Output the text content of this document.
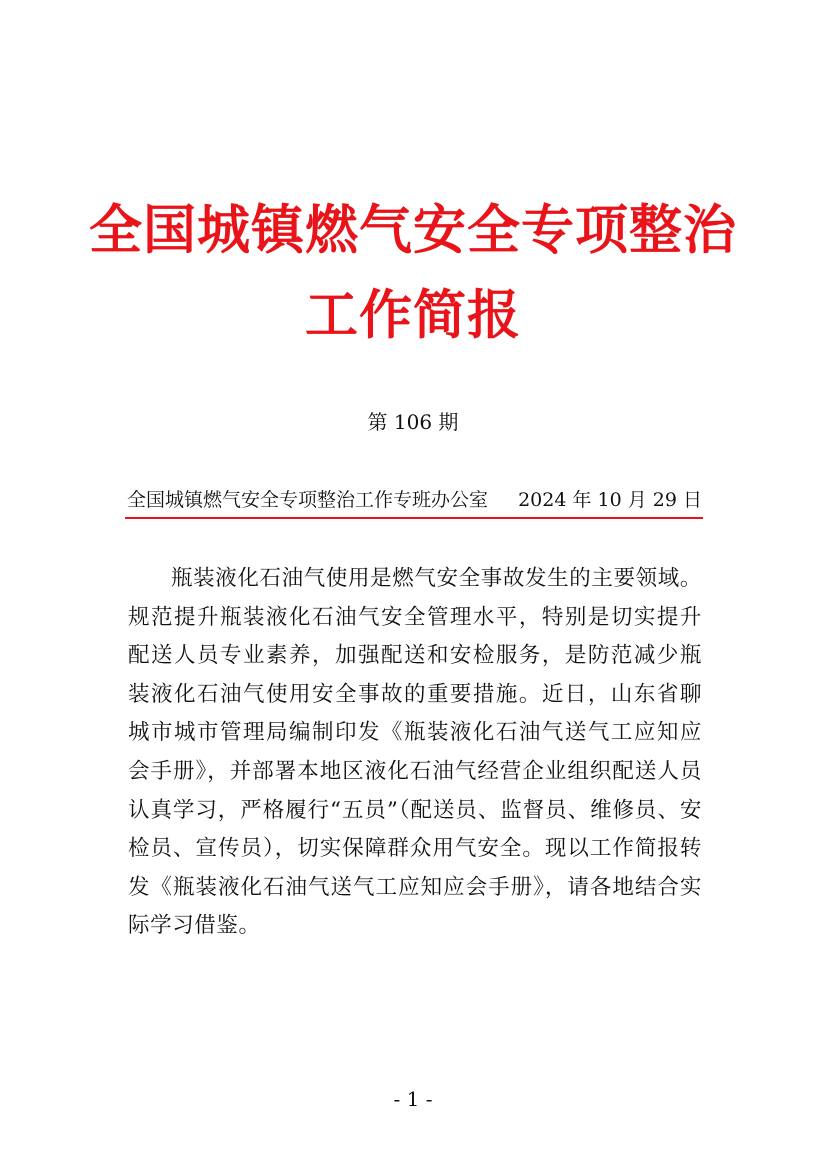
全国城镇燃气安全专项整治
工作简报
第 106 期
全国城镇燃气安全专项整治工作专班办公室 2024 年 10 月 29 日

瓶装液化石油气使用是燃气安全事故发生的主要领域。规范提升瓶装液化石油气安全管理水平，特别是切实提升配送人员专业素养，加强配送和安检服务，是防范减少瓶装液化石油气使用安全事故的重要措施。近日，山东省聊城市城市管理局编制印发《瓶装液化石油气送气工应知应会手册》，并部署本地区液化石油气经营企业组织配送人员认真学习，严格履行“五员”（配送员、监督员、维修员、安检员、宣传员），切实保障群众用气安全。现以工作简报转发《瓶装液化石油气送气工应知应会手册》，请各地结合实际学习借鉴。

- 1 -
